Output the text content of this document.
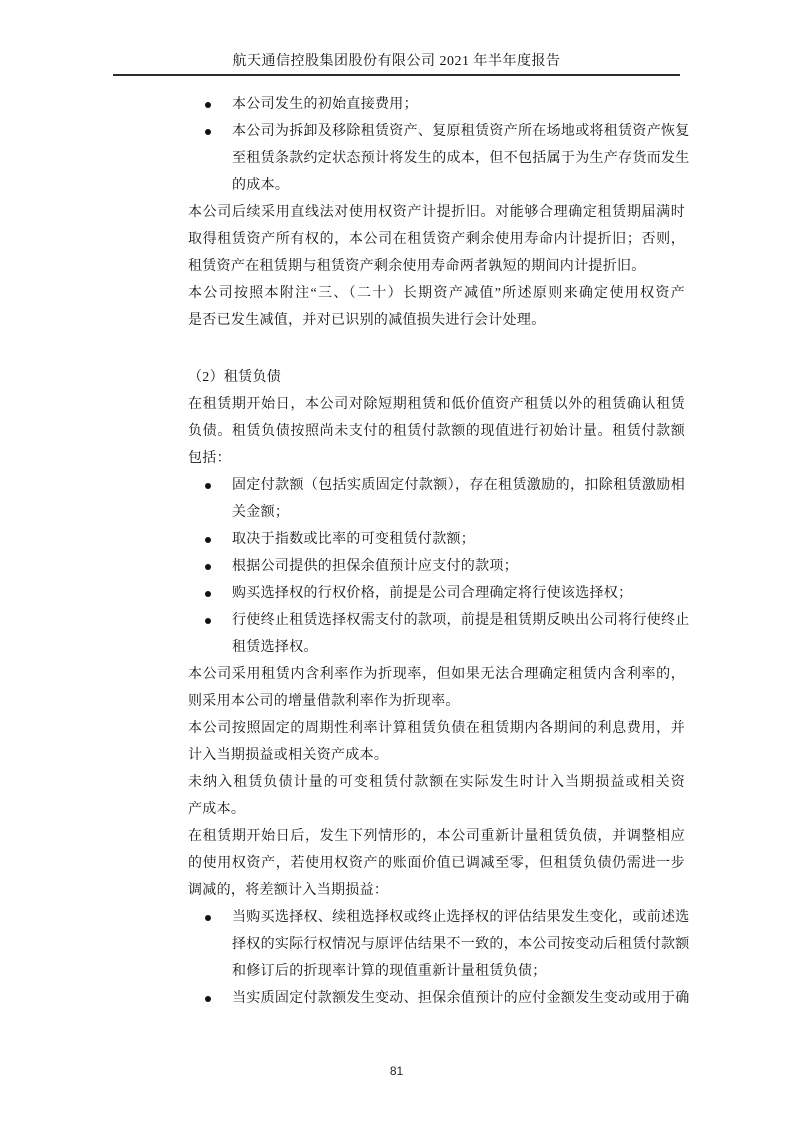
航天通信控股集团股份有限公司 2021 年半年度报告
本公司发生的初始直接费用；
本公司为拆卸及移除租赁资产、复原租赁资产所在场地或将租赁资产恢复
至租赁条款约定状态预计将发生的成本，但不包括属于为生产存货而发生
的成本。
本公司后续采用直线法对使用权资产计提折旧。对能够合理确定租赁期届满时
取得租赁资产所有权的，本公司在租赁资产剩余使用寿命内计提折旧；否则，
租赁资产在租赁期与租赁资产剩余使用寿命两者孰短的期间内计提折旧。
本公司按照本附注“三、（二十）长期资产减值”所述原则来确定使用权资产
是否已发生减值，并对已识别的减值损失进行会计处理。
（2）租赁负债
在租赁期开始日，本公司对除短期租赁和低价值资产租赁以外的租赁确认租赁
负债。租赁负债按照尚未支付的租赁付款额的现值进行初始计量。租赁付款额
包括：
固定付款额（包括实质固定付款额），存在租赁激励的，扣除租赁激励相
关金额；
取决于指数或比率的可变租赁付款额；
根据公司提供的担保余值预计应支付的款项；
购买选择权的行权价格，前提是公司合理确定将行使该选择权；
行使终止租赁选择权需支付的款项，前提是租赁期反映出公司将行使终止
租赁选择权。
本公司采用租赁内含利率作为折现率，但如果无法合理确定租赁内含利率的，
则采用本公司的增量借款利率作为折现率。
本公司按照固定的周期性利率计算租赁负债在租赁期内各期间的利息费用，并
计入当期损益或相关资产成本。
未纳入租赁负债计量的可变租赁付款额在实际发生时计入当期损益或相关资
产成本。
在租赁期开始日后，发生下列情形的，本公司重新计量租赁负债，并调整相应
的使用权资产，若使用权资产的账面价值已调减至零，但租赁负债仍需进一步
调减的，将差额计入当期损益：
当购买选择权、续租选择权或终止选择权的评估结果发生变化，或前述选
择权的实际行权情况与原评估结果不一致的，本公司按变动后租赁付款额
和修订后的折现率计算的现值重新计量租赁负债；
当实质固定付款额发生变动、担保余值预计的应付金额发生变动或用于确
81
